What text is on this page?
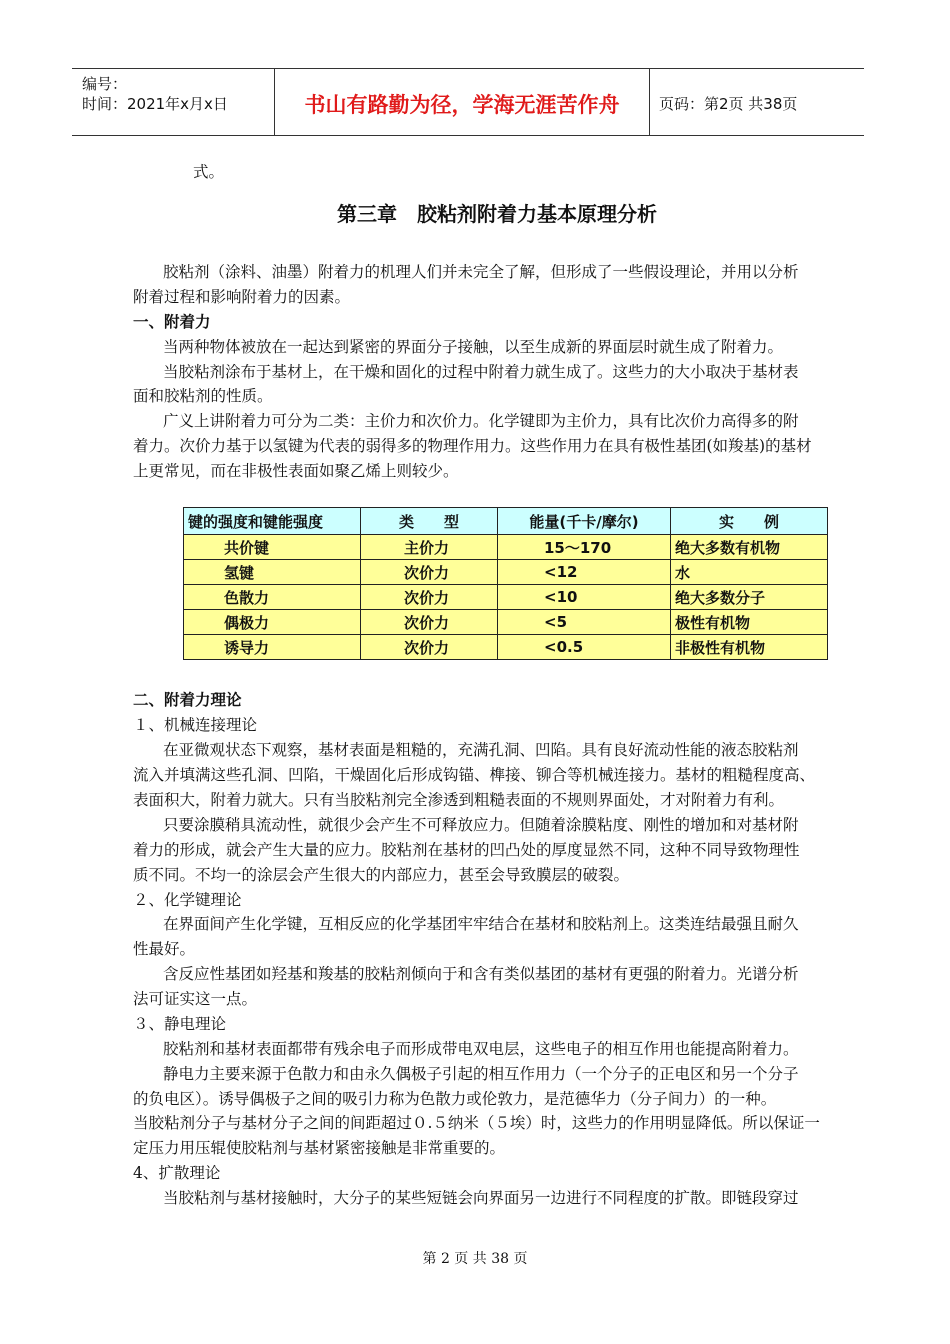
编号：
时间：2021年x月x日	书山有路勤为径，学海无涯苦作舟	页码：第2页 共38页
式。
第三章　胶粘剂附着力基本原理分析
胶粘剂（涂料、油墨）附着力的机理人们并未完全了解，但形成了一些假设理论，并用以分析
附着过程和影响附着力的因素。
一、附着力
当两种物体被放在一起达到紧密的界面分子接触，以至生成新的界面层时就生成了附着力。
当胶粘剂涂布于基材上，在干燥和固化的过程中附着力就生成了。这些力的大小取决于基材表
面和胶粘剂的性质。
广义上讲附着力可分为二类：主价力和次价力。化学键即为主价力，具有比次价力高得多的附
着力。次价力基于以氢键为代表的弱得多的物理作用力。这些作用力在具有极性基团(如羧基)的基材
上更常见，而在非极性表面如聚乙烯上则较少。
键的强度和键能强度	类　　型	能量(千卡/摩尔)	实　　例
共价键	主价力	15～170	绝大多数有机物
氢键	次价力	<12	水
色散力	次价力	<10	绝大多数分子
偶极力	次价力	<5	极性有机物
诱导力	次价力	<0.5	非极性有机物
二、附着力理论
１、机械连接理论
在亚微观状态下观察，基材表面是粗糙的，充满孔洞、凹陷。具有良好流动性能的液态胶粘剂
流入并填满这些孔洞、凹陷，干燥固化后形成钩锚、榫接、铆合等机械连接力。基材的粗糙程度高、
表面积大，附着力就大。只有当胶粘剂完全渗透到粗糙表面的不规则界面处，才对附着力有利。
只要涂膜稍具流动性，就很少会产生不可释放应力。但随着涂膜粘度、刚性的增加和对基材附
着力的形成，就会产生大量的应力。胶粘剂在基材的凹凸处的厚度显然不同，这种不同导致物理性
质不同。不均一的涂层会产生很大的内部应力，甚至会导致膜层的破裂。
２、化学键理论
在界面间产生化学键，互相反应的化学基团牢牢结合在基材和胶粘剂上。这类连结最强且耐久
性最好。
含反应性基团如羟基和羧基的胶粘剂倾向于和含有类似基团的基材有更强的附着力。光谱分析
法可证实这一点。
３、静电理论
胶粘剂和基材表面都带有残余电子而形成带电双电层，这些电子的相互作用也能提高附着力。
静电力主要来源于色散力和由永久偶极子引起的相互作用力（一个分子的正电区和另一个分子
的负电区）。诱导偶极子之间的吸引力称为色散力或伦敦力，是范德华力（分子间力）的一种。
当胶粘剂分子与基材分子之间的间距超过０.５纳米（５埃）时，这些力的作用明显降低。所以保证一
定压力用压辊使胶粘剂与基材紧密接触是非常重要的。
4、扩散理论
当胶粘剂与基材接触时，大分子的某些短链会向界面另一边进行不同程度的扩散。即链段穿过
第 2 页 共 38 页
